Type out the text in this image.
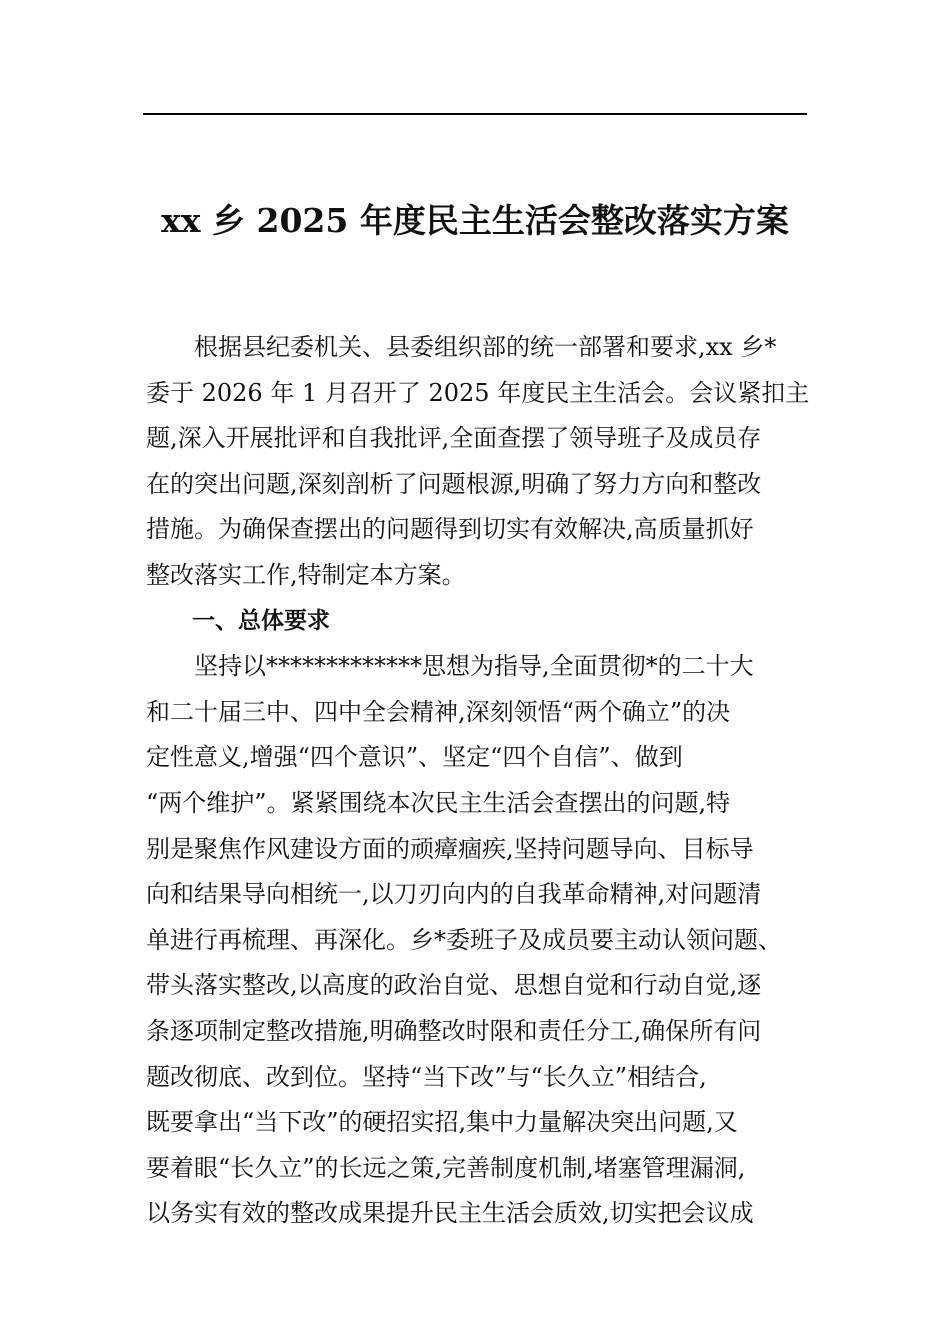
xx 乡 2025 年度民主生活会整改落实方案
　　根据县纪委机关、县委组织部的统一部署和要求,xx 乡*
委于 2026 年 1 月召开了 2025 年度民主生活会。会议紧扣主
题,深入开展批评和自我批评,全面查摆了领导班子及成员存
在的突出问题,深刻剖析了问题根源,明确了努力方向和整改
措施。为确保查摆出的问题得到切实有效解决,高质量抓好
整改落实工作,特制定本方案。
　　一、总体要求
　　坚持以*************思想为指导,全面贯彻*的二十大
和二十届三中、四中全会精神,深刻领悟“两个确立”的决
定性意义,增强“四个意识”、坚定“四个自信”、做到
“两个维护”。紧紧围绕本次民主生活会查摆出的问题,特
别是聚焦作风建设方面的顽瘴痼疾,坚持问题导向、目标导
向和结果导向相统一,以刀刃向内的自我革命精神,对问题清
单进行再梳理、再深化。乡*委班子及成员要主动认领问题、
带头落实整改,以高度的政治自觉、思想自觉和行动自觉,逐
条逐项制定整改措施,明确整改时限和责任分工,确保所有问
题改彻底、改到位。坚持“当下改”与“长久立”相结合,
既要拿出“当下改”的硬招实招,集中力量解决突出问题,又
要着眼“长久立”的长远之策,完善制度机制,堵塞管理漏洞,
以务实有效的整改成果提升民主生活会质效,切实把会议成
